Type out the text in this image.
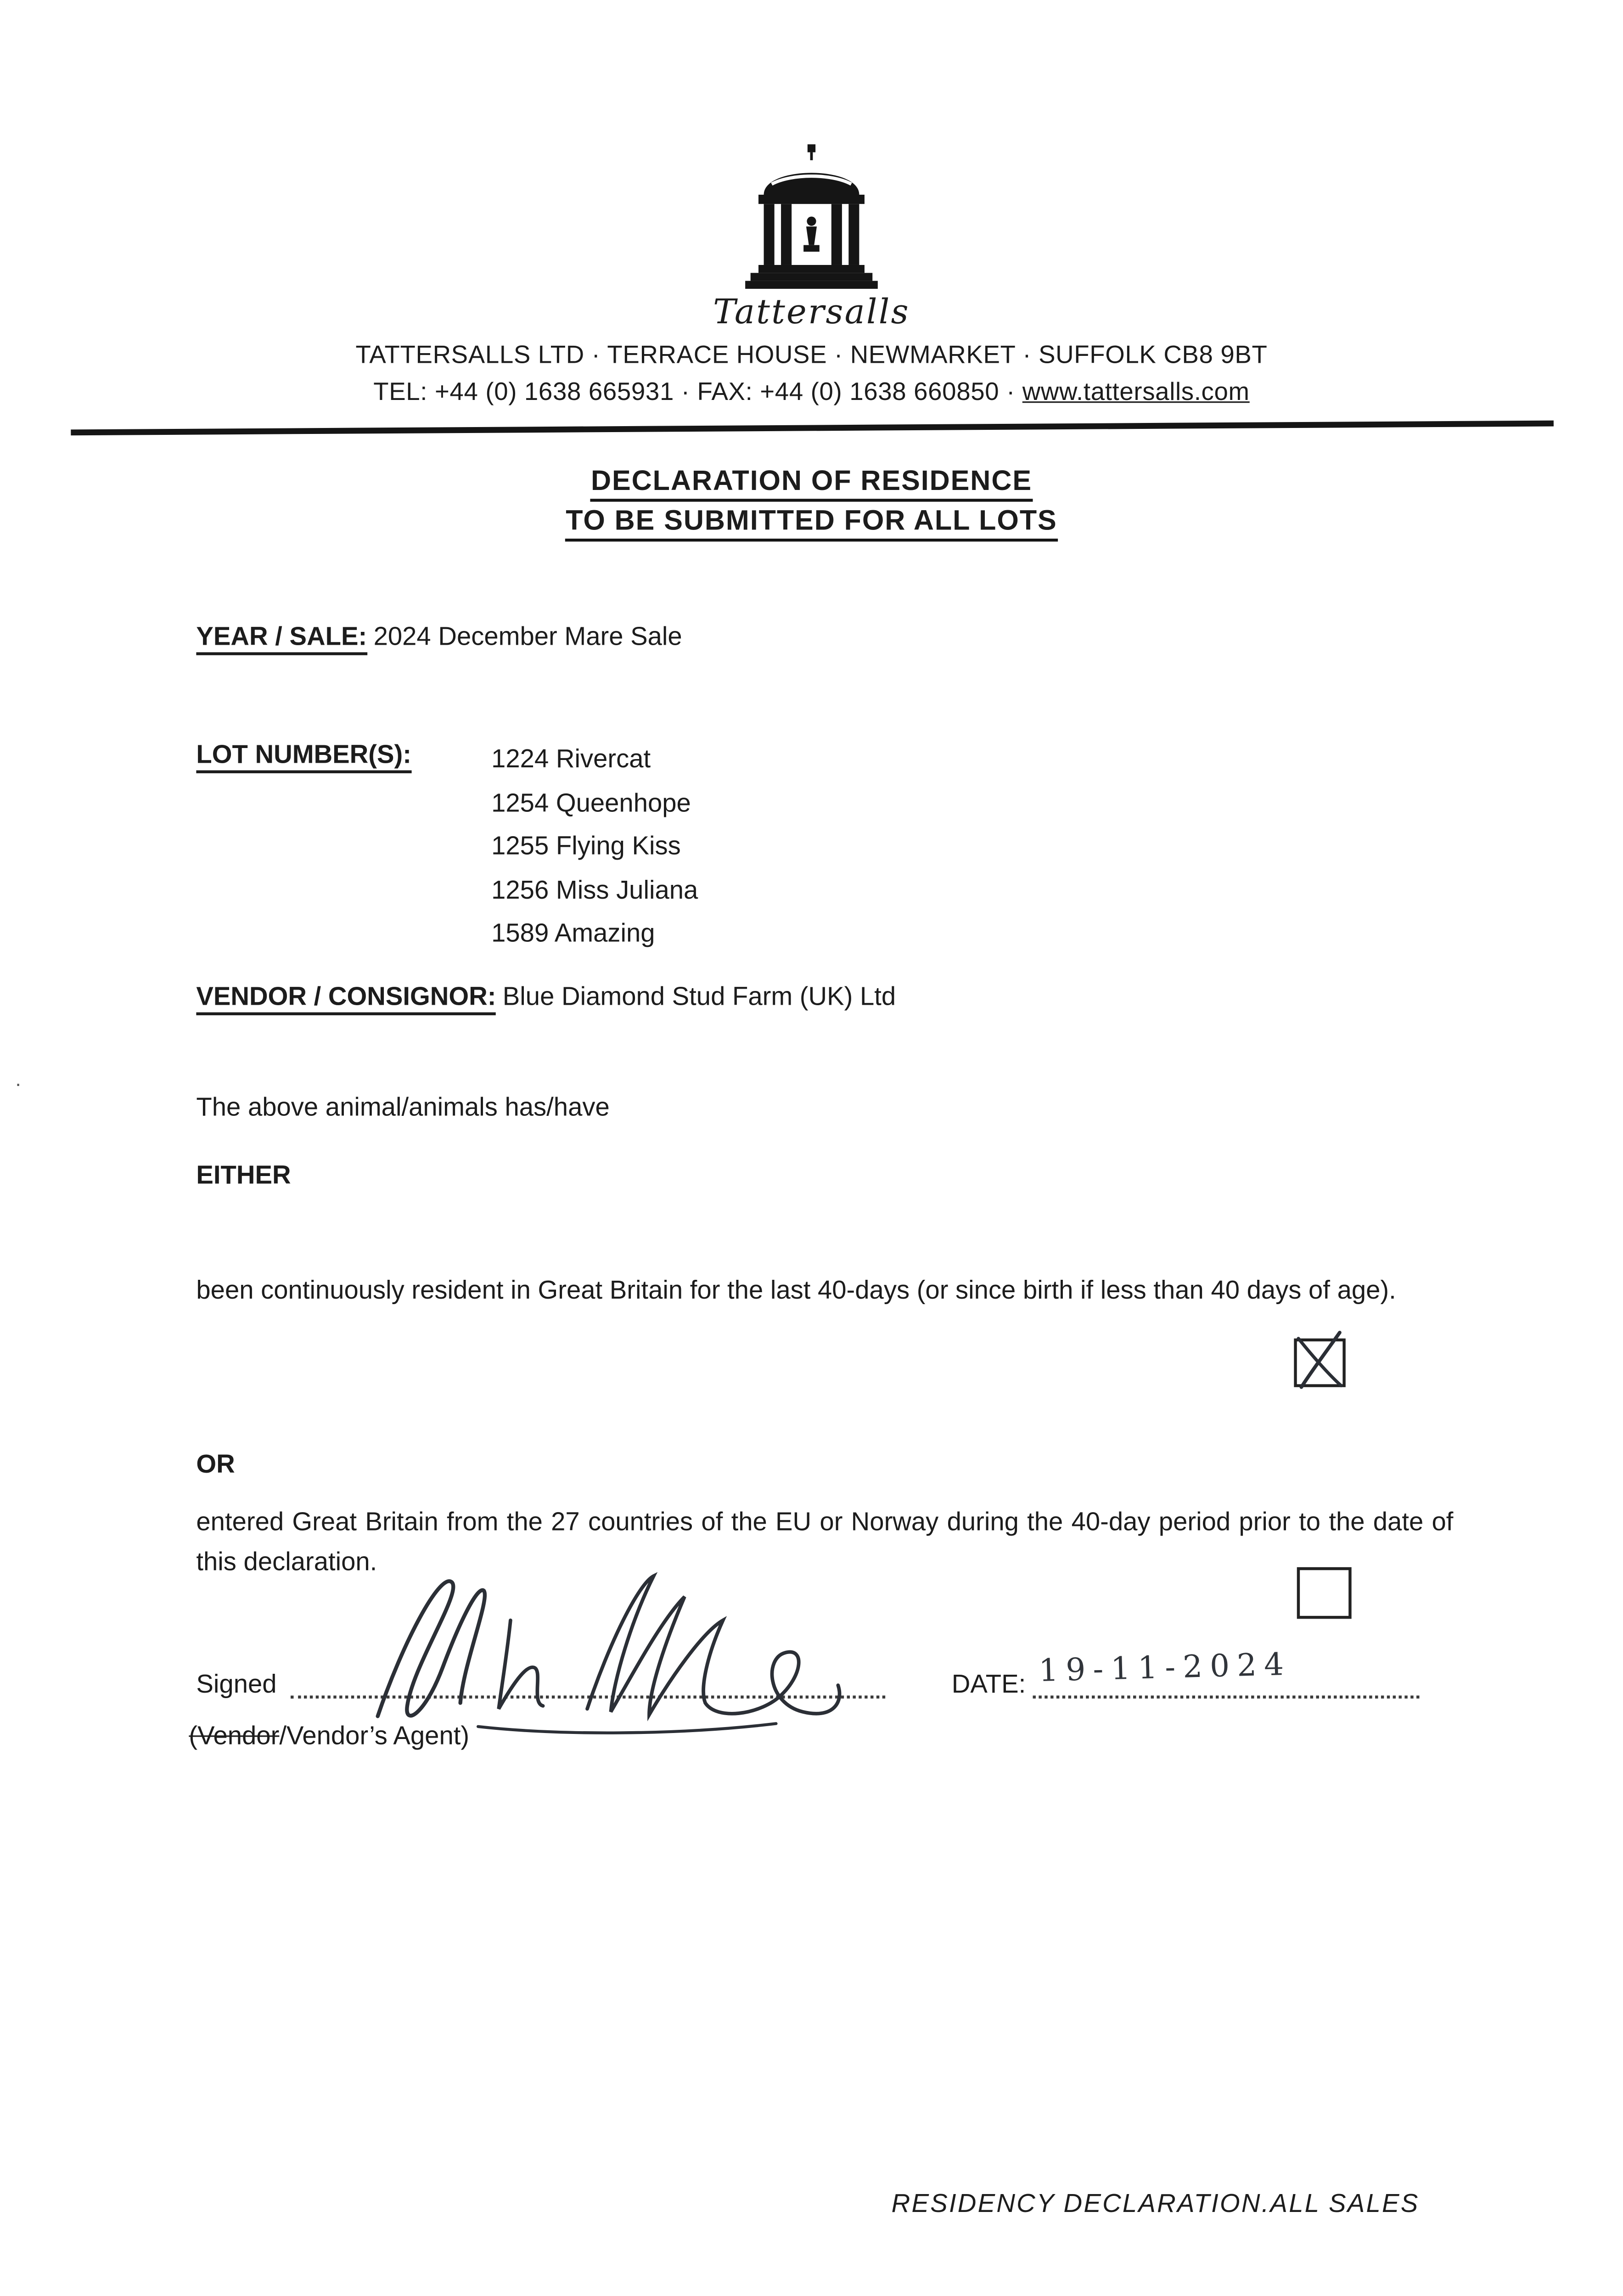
Tattersalls
TATTERSALLS LTD · TERRACE HOUSE · NEWMARKET · SUFFOLK CB8 9BT
TEL: +44 (0) 1638 665931 · FAX: +44 (0) 1638 660850 · www.tattersalls.com
DECLARATION OF RESIDENCE
TO BE SUBMITTED FOR ALL LOTS
YEAR / SALE: 2024 December Mare Sale
LOT NUMBER(S):	1224 Rivercat
1254 Queenhope
1255 Flying Kiss
1256 Miss Juliana
1589 Amazing
VENDOR / CONSIGNOR: Blue Diamond Stud Farm (UK) Ltd
·
The above animal/animals has/have
EITHER
been continuously resident in Great Britain for the last 40-days (or since birth if less than 40 days of age).
OR
entered Great Britain from the 27 countries of the EU or Norway during the 40-day period prior to the date of this declaration.
Signed	DATE: 19-11-2024
(Vendor/Vendor’s Agent)
RESIDENCY DECLARATION.ALL SALES
